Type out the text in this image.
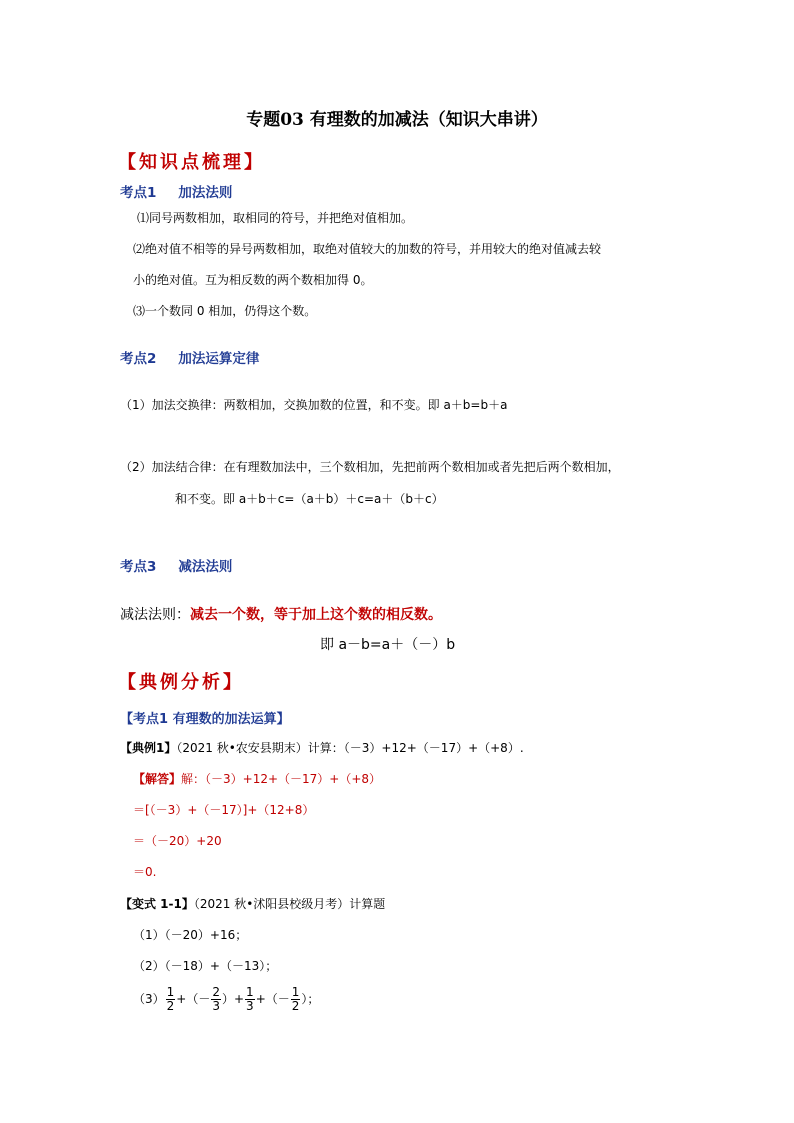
专题03 有理数的加减法（知识大串讲）
【知识点梳理】
考点1 加法法则
⑴同号两数相加，取相同的符号，并把绝对值相加。
⑵绝对值不相等的异号两数相加，取绝对值较大的加数的符号，并用较大的绝对值减去较
小的绝对值。互为相反数的两个数相加得 0。
⑶一个数同 0 相加，仍得这个数。
考点2 加法运算定律
（1）加法交换律：两数相加，交换加数的位置，和不变。即 a＋b=b＋a
（2）加法结合律：在有理数加法中，三个数相加，先把前两个数相加或者先把后两个数相加，
和不变。即 a＋b＋c=（a＋b）＋c=a＋（b＋c）
考点3 减法法则
减法法则：减去一个数，等于加上这个数的相反数。
即 a－b=a＋（－）b
【典例分析】
【考点1 有理数的加法运算】
【典例1】（2021 秋•农安县期末）计算：（－3）+12+（－17）+（+8）.
【解答】解：（－3）+12+（－17）+（+8）
＝[（－3）+（－17）]+（12+8）
＝（－20）+20
＝0.
【变式 1-1】（2021 秋•沭阳县校级月考）计算题
（1）（－20）+16；
（2）（－18）+（－13）；
$(3) \frac{1}{2}$ +（－ $\frac{2}{3}$ ）+ $\frac{1}{3}$ +（－ $\frac{1}{2}$ ）；
